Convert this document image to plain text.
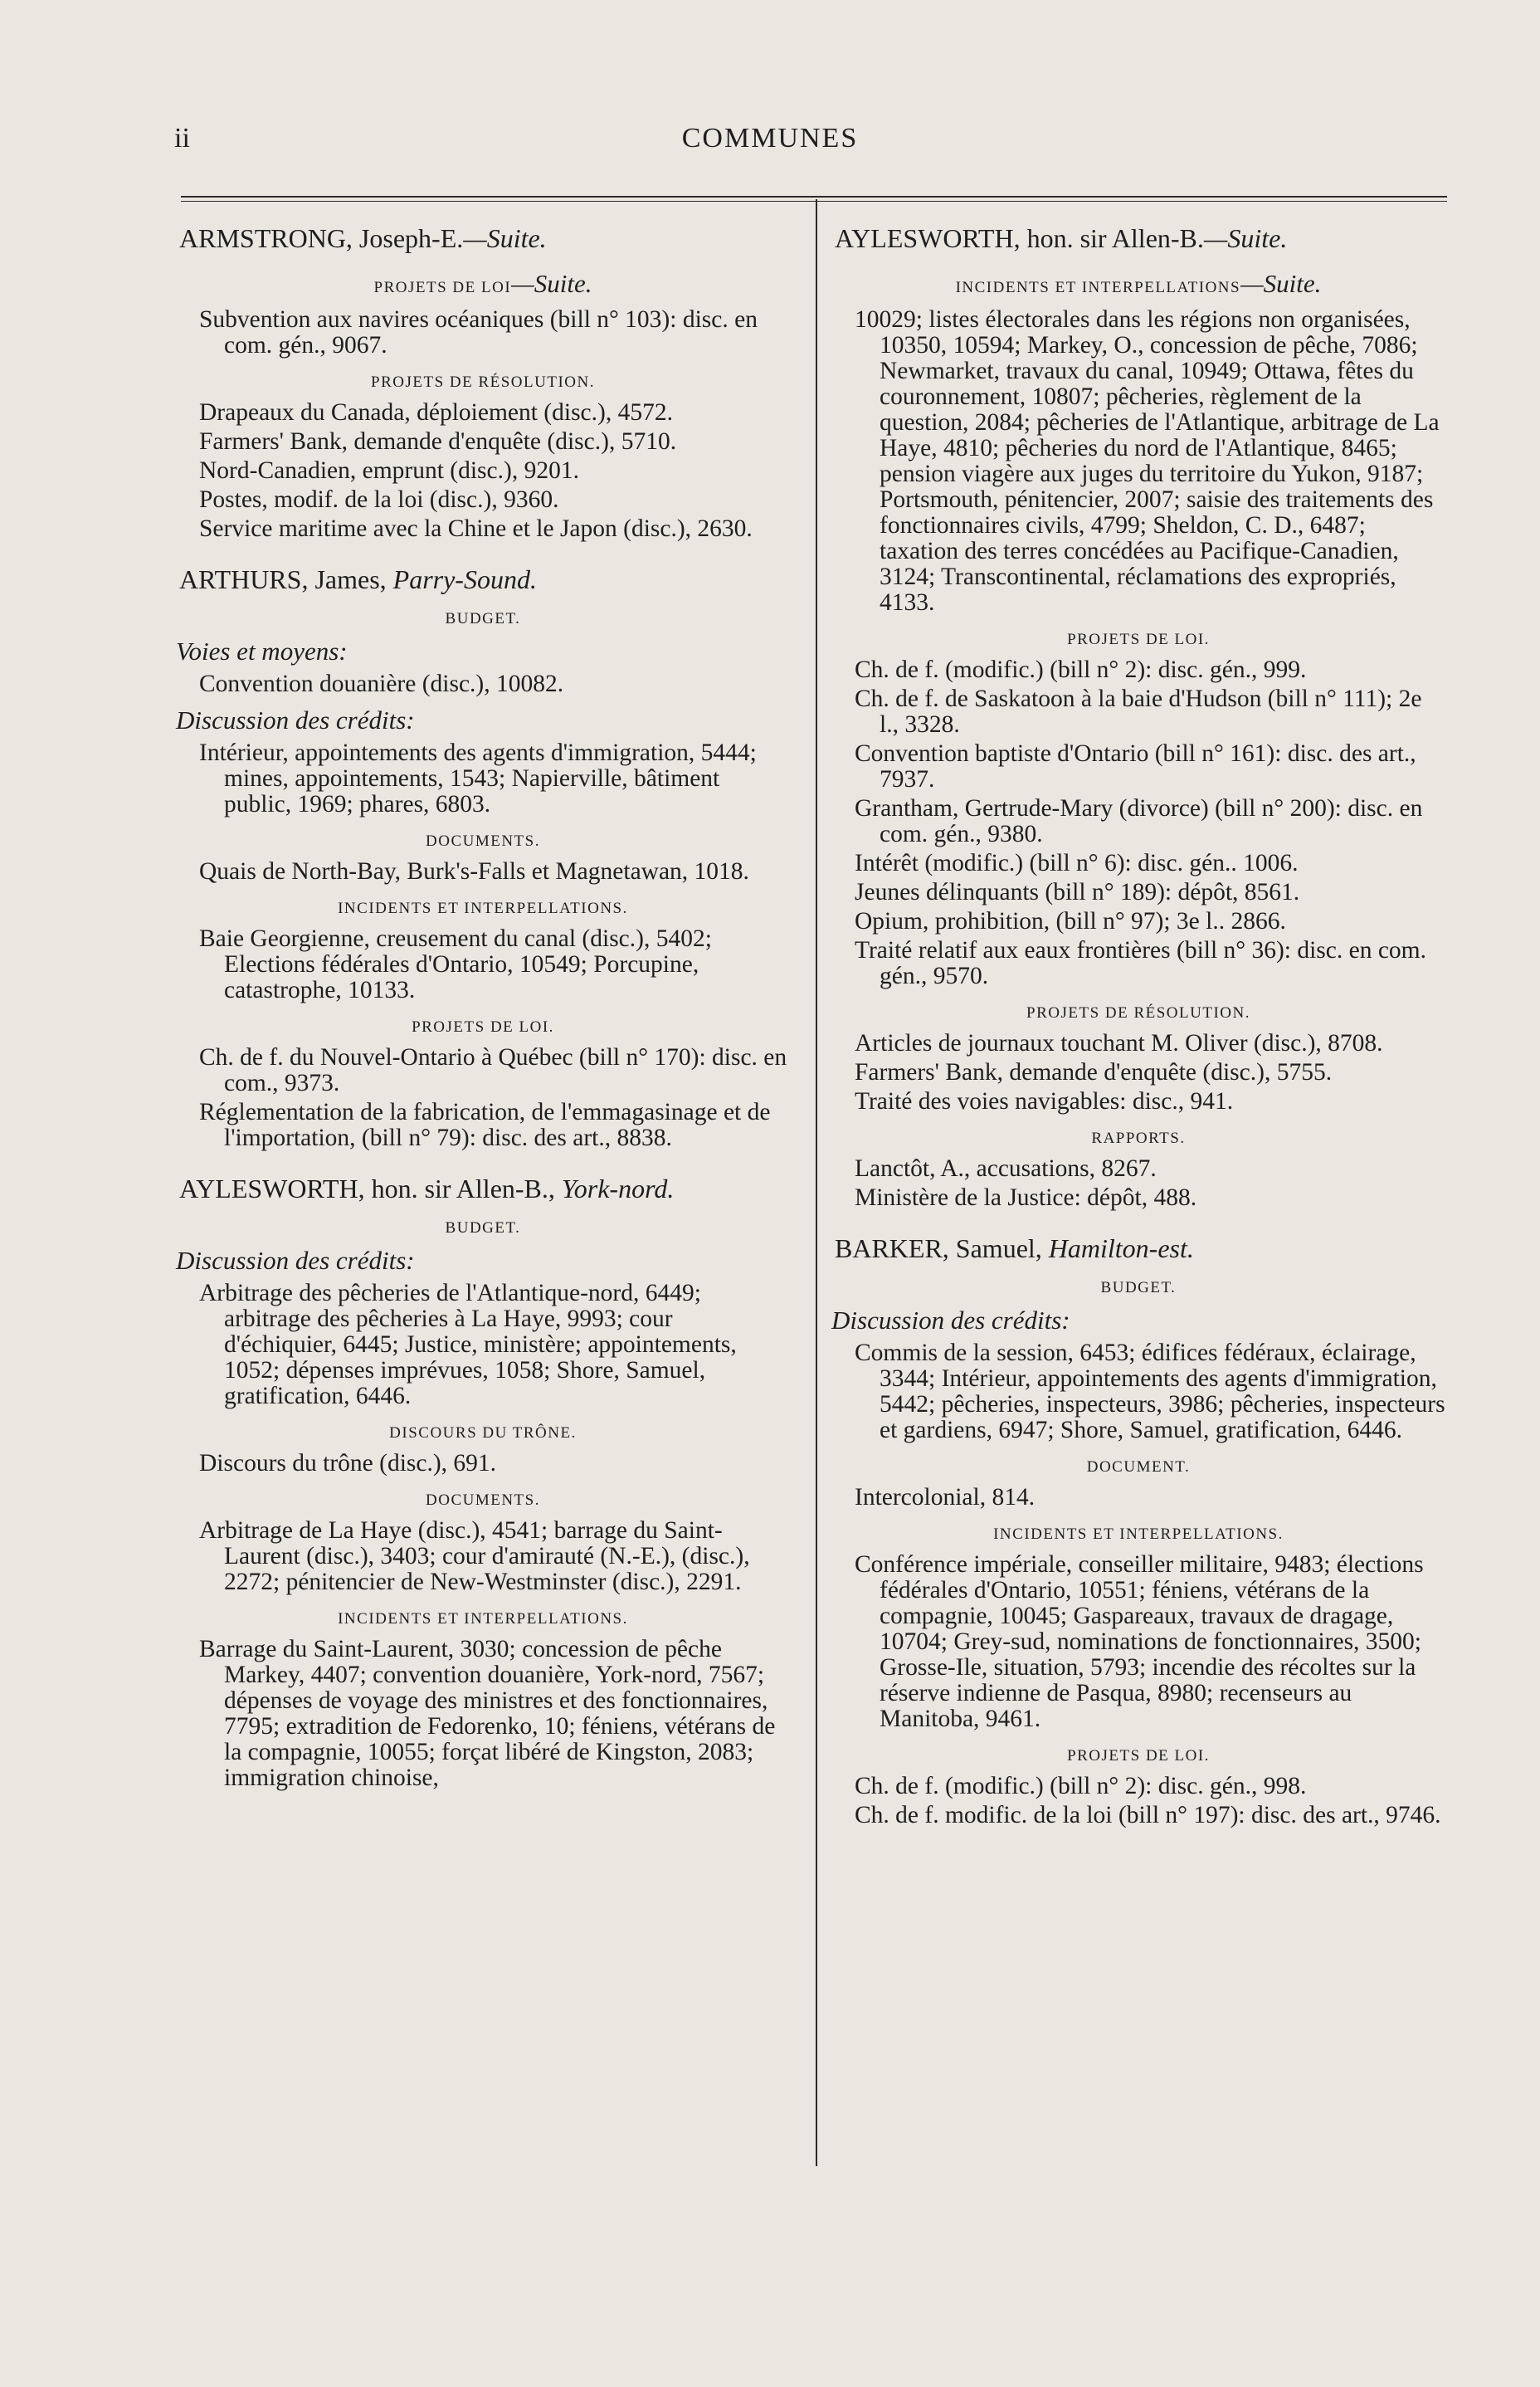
ii	COMMUNES
ARMSTRONG, Joseph-E.—Suite.
PROJETS DE LOI—Suite.
Subvention aux navires océaniques (bill n° 103): disc. en com. gén., 9067.
PROJETS DE RÉSOLUTION.
Drapeaux du Canada, déploiement (disc.), 4572.
Farmers' Bank, demande d'enquête (disc.), 5710.
Nord-Canadien, emprunt (disc.), 9201.
Postes, modif. de la loi (disc.), 9360.
Service maritime avec la Chine et le Japon (disc.), 2630.
ARTHURS, James, Parry-Sound.
BUDGET.
Voies et moyens:
Convention douanière (disc.), 10082.
Discussion des crédits:
Intérieur, appointements des agents d'immigration, 5444; mines, appointements, 1543; Napierville, bâtiment public, 1969; phares, 6803.
DOCUMENTS.
Quais de North-Bay, Burk's-Falls et Magnetawan, 1018.
INCIDENTS ET INTERPELLATIONS.
Baie Georgienne, creusement du canal (disc.), 5402; Elections fédérales d'Ontario, 10549; Porcupine, catastrophe, 10133.
PROJETS DE LOI.
Ch. de f. du Nouvel-Ontario à Québec (bill n° 170): disc. en com., 9373.
Réglementation de la fabrication, de l'emmagasinage et de l'importation, (bill n° 79): disc. des art., 8838.
AYLESWORTH, hon. sir Allen-B., York-nord.
BUDGET.
Discussion des crédits:
Arbitrage des pêcheries de l'Atlantique-nord, 6449; arbitrage des pêcheries à La Haye, 9993; cour d'échiquier, 6445; Justice, ministère; appointements, 1052; dépenses imprévues, 1058; Shore, Samuel, gratification, 6446.
DISCOURS DU TRÔNE.
Discours du trône (disc.), 691.
DOCUMENTS.
Arbitrage de La Haye (disc.), 4541; barrage du Saint-Laurent (disc.), 3403; cour d'amirauté (N.-E.), (disc.), 2272; pénitencier de New-Westminster (disc.), 2291.
INCIDENTS ET INTERPELLATIONS.
Barrage du Saint-Laurent, 3030; concession de pêche Markey, 4407; convention douanière, York-nord, 7567; dépenses de voyage des ministres et des fonctionnaires, 7795; extradition de Fedorenko, 10; féniens, vétérans de la compagnie, 10055; forçat libéré de Kingston, 2083; immigration chinoise,
AYLESWORTH, hon. sir Allen-B.—Suite.
INCIDENTS ET INTERPELLATIONS—Suite.
10029; listes électorales dans les régions non organisées, 10350, 10594; Markey, O., concession de pêche, 7086; Newmarket, travaux du canal, 10949; Ottawa, fêtes du couronnement, 10807; pêcheries, règlement de la question, 2084; pêcheries de l'Atlantique, arbitrage de La Haye, 4810; pêcheries du nord de l'Atlantique, 8465; pension viagère aux juges du territoire du Yukon, 9187; Portsmouth, pénitencier, 2007; saisie des traitements des fonctionnaires civils, 4799; Sheldon, C. D., 6487; taxation des terres concédées au Pacifique-Canadien, 3124; Transcontinental, réclamations des expropriés, 4133.
PROJETS DE LOI.
Ch. de f. (modific.) (bill n° 2): disc. gén., 999.
Ch. de f. de Saskatoon à la baie d'Hudson (bill n° 111); 2e l., 3328.
Convention baptiste d'Ontario (bill n° 161): disc. des art., 7937.
Grantham, Gertrude-Mary (divorce) (bill n° 200): disc. en com. gén., 9380.
Intérêt (modific.) (bill n° 6): disc. gén.. 1006.
Jeunes délinquants (bill n° 189): dépôt, 8561.
Opium, prohibition, (bill n° 97); 3e l.. 2866.
Traité relatif aux eaux frontières (bill n° 36): disc. en com. gén., 9570.
PROJETS DE RÉSOLUTION.
Articles de journaux touchant M. Oliver (disc.), 8708.
Farmers' Bank, demande d'enquête (disc.), 5755.
Traité des voies navigables: disc., 941.
RAPPORTS.
Lanctôt, A., accusations, 8267.
Ministère de la Justice: dépôt, 488.
BARKER, Samuel, Hamilton-est.
BUDGET.
Discussion des crédits:
Commis de la session, 6453; édifices fédéraux, éclairage, 3344; Intérieur, appointements des agents d'immigration, 5442; pêcheries, inspecteurs, 3986; pêcheries, inspecteurs et gardiens, 6947; Shore, Samuel, gratification, 6446.
DOCUMENT.
Intercolonial, 814.
INCIDENTS ET INTERPELLATIONS.
Conférence impériale, conseiller militaire, 9483; élections fédérales d'Ontario, 10551; féniens, vétérans de la compagnie, 10045; Gaspareaux, travaux de dragage, 10704; Grey-sud, nominations de fonctionnaires, 3500; Grosse-Ile, situation, 5793; incendie des récoltes sur la réserve indienne de Pasqua, 8980; recenseurs au Manitoba, 9461.
PROJETS DE LOI.
Ch. de f. (modific.) (bill n° 2): disc. gén., 998.
Ch. de f. modific. de la loi (bill n° 197): disc. des art., 9746.
